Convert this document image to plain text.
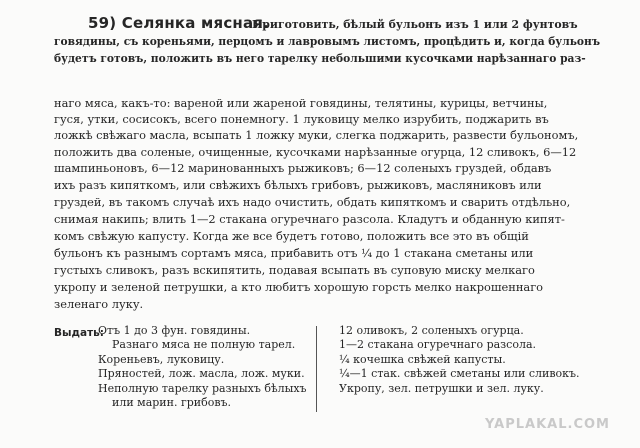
59) Селянка мясная.
Приготовить, бѣлый бульонъ изъ 1 или 2 фунтовъ
говядины, съ кореньями, перцомъ и лавровымъ листомъ, процѣдить и, когда бульонъ
будетъ готовъ, положить въ него тарелку небольшими кусочками нарѣзаннаго раз-
наго мяса, какъ-то: вареной или жареной говядины, телятины, курицы, ветчины,
гуся, утки, сосисокъ, всего понемногу. 1 луковицу мелко изрубить, поджарить въ
ложкѣ свѣжаго масла, всыпать 1 ложку муки, слегка поджарить, развести бульономъ,
положить два соленые, очищенные, кусочками нарѣзанные огурца, 12 сливокъ, 6—12
шампиньоновъ, 6—12 маринованныхъ рыжиковъ; 6—12 соленыхъ груздей, обдавъ
ихъ разъ кипяткомъ, или свѣжихъ бѣлыхъ грибовъ, рыжиковъ, масляниковъ или
груздей, въ такомъ случаѣ ихъ надо очистить, обдать кипяткомъ и сварить отдѣльно,
снимая накипь; влить 1—2 стакана огуречнаго разсола. Кладутъ и обданную кипят-
комъ свѣжую капусту. Когда же все будетъ готово, положить все это въ общій
бульонъ къ разнымъ сортамъ мяса, прибавить отъ ¼ до 1 стакана сметаны или
густыхъ сливокъ, разъ вскипятить, подавая всыпать въ суповую миску мелкаго
укропу и зеленой петрушки, а кто любитъ хорошую горсть мелко накрошеннаго
зеленаго луку.
Выдать:
Отъ 1 до 3 фун. говядины.
Разнаго мяса не полную тарел.
Кореньевъ, луковицу.
Пряностей, лож. масла, лож. муки.
Неполную тарелку разныхъ бѣлыхъ
или марин. грибовъ.
12 оливокъ, 2 соленыхъ огурца.
1—2 стакана огуречнаго разсола.
¼ кочешка свѣжей капусты.
¼—1 стак. свѣжей сметаны или сливокъ.
Укропу, зел. петрушки и зел. луку.
YAPLAKAL.COM
